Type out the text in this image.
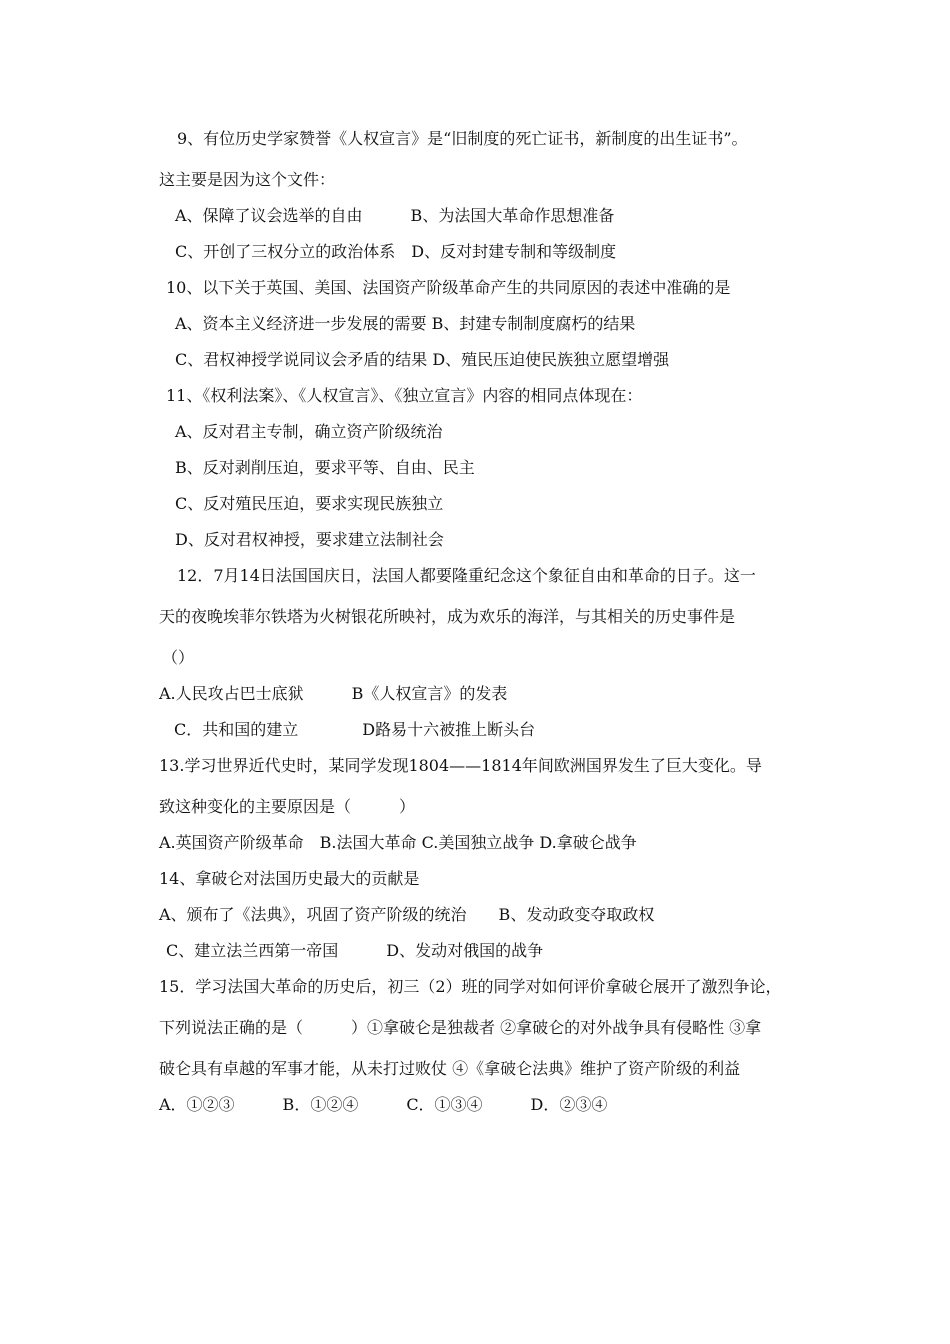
9、有位历史学家赞誉《人权宣言》是“旧制度的死亡证书，新制度的出生证书”。
这主要是因为这个文件：
A、保障了议会选举的自由　　　B、为法国大革命作思想准备
C、开创了三权分立的政治体系　D、反对封建专制和等级制度
10、以下关于英国、美国、法国资产阶级革命产生的共同原因的表述中准确的是
A、资本主义经济进一步发展的需要 B、封建专制制度腐朽的结果
C、君权神授学说同议会矛盾的结果 D、殖民压迫使民族独立愿望增强
11、《权利法案》、《人权宣言》、《独立宣言》内容的相同点体现在：
A、反对君主专制，确立资产阶级统治
B、反对剥削压迫，要求平等、自由、民主
C、反对殖民压迫，要求实现民族独立
D、反对君权神授，要求建立法制社会
12．7月14日法国国庆日，法国人都要隆重纪念这个象征自由和革命的日子。这一
天的夜晚埃菲尔铁塔为火树银花所映衬，成为欢乐的海洋，与其相关的历史事件是
（）
A.人民攻占巴士底狱　　　B《人权宣言》的发表
C．共和国的建立　　　　D路易十六被推上断头台
13.学习世界近代史时，某同学发现1804——1814年间欧洲国界发生了巨大变化。导
致这种变化的主要原因是（　　　）
A.英国资产阶级革命　B.法国大革命 C.美国独立战争 D.拿破仑战争
14、拿破仑对法国历史最大的贡献是
A、颁布了《法典》，巩固了资产阶级的统治　　B、发动政变夺取政权
C、建立法兰西第一帝国　　　D、发动对俄国的战争
15．学习法国大革命的历史后，初三（2）班的同学对如何评价拿破仑展开了激烈争论，
下列说法正确的是（　　　）①拿破仑是独裁者 ②拿破仑的对外战争具有侵略性 ③拿
破仑具有卓越的军事才能，从未打过败仗 ④《拿破仑法典》维护了资产阶级的利益
A．①②③　　　B．①②④　　　C．①③④　　　D．②③④
